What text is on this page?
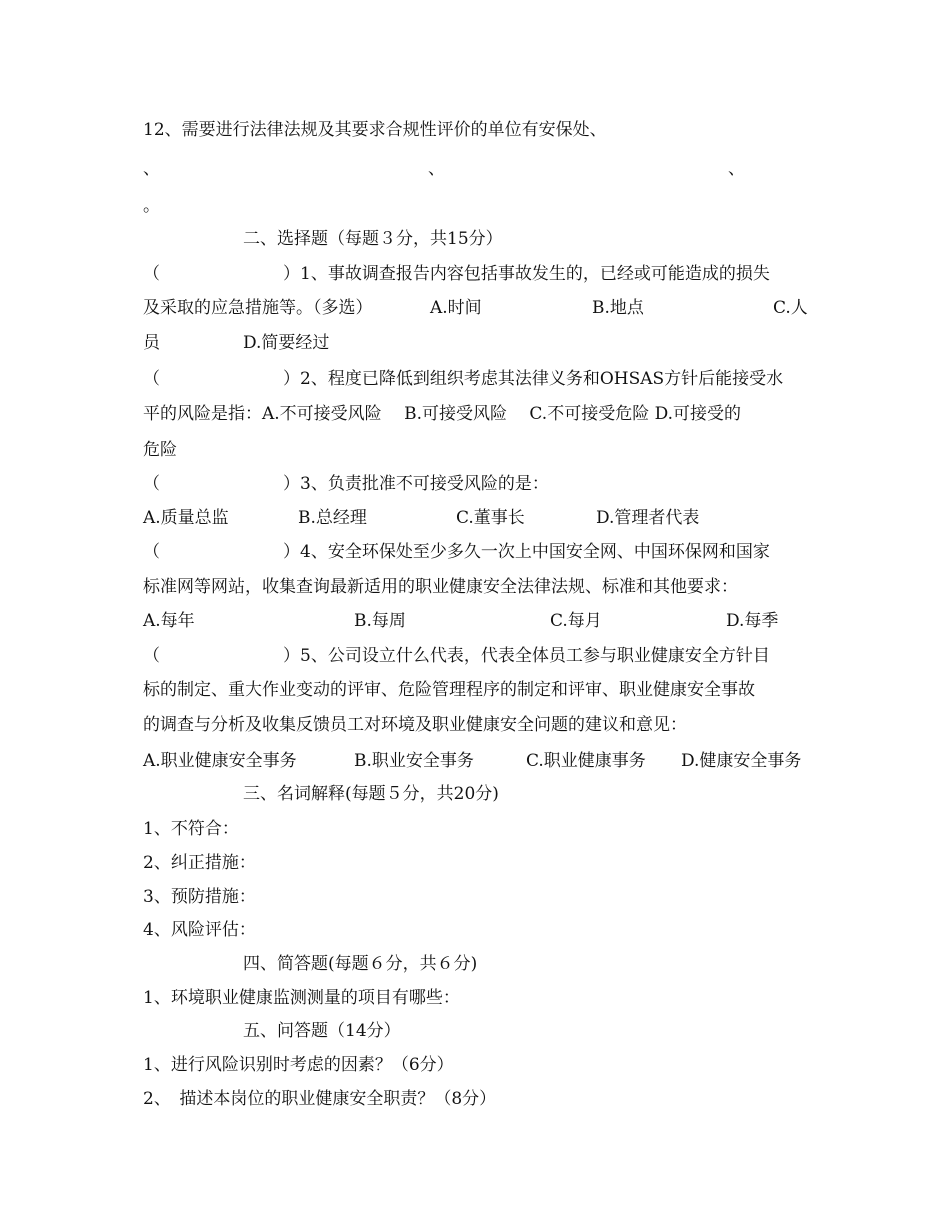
12、需要进行法律法规及其要求合规性评价的单位有安保处、
、	、	、
。
二、选择题（每题３分，共15分）
（	）1、事故调查报告内容包括事故发生的，已经或可能造成的损失
及采取的应急措施等。（多选）	A.时间	B.地点	C.人
员	D.简要经过
（	）2、程度已降低到组织考虑其法律义务和OHSAS方针后能接受水
平的风险是指：A.不可接受风险　 B.可接受风险　 C.不可接受危险 D.可接受的
危险
（	）3、负责批准不可接受风险的是：
A.质量总监	B.总经理	C.董事长	D.管理者代表
（	）4、安全环保处至少多久一次上中国安全网、中国环保网和国家
标准网等网站，收集查询最新适用的职业健康安全法律法规、标准和其他要求：
A.每年	B.每周	C.每月	D.每季
（	）5、公司设立什么代表，代表全体员工参与职业健康安全方针目
标的制定、重大作业变动的评审、危险管理程序的制定和评审、职业健康安全事故
的调查与分析及收集反馈员工对环境及职业健康安全问题的建议和意见：
A.职业健康安全事务	B.职业安全事务	C.职业健康事务 D.健康安全事务
三、名词解释(每题５分，共20分)
1、不符合：
2、纠正措施：
3、预防措施：
4、风险评估：
四、简答题(每题６分，共６分)
1、环境职业健康监测测量的项目有哪些：
五、问答题（14分）
1、进行风险识别时考虑的因素？（6分）
2、　描述本岗位的职业健康安全职责？（8分）
